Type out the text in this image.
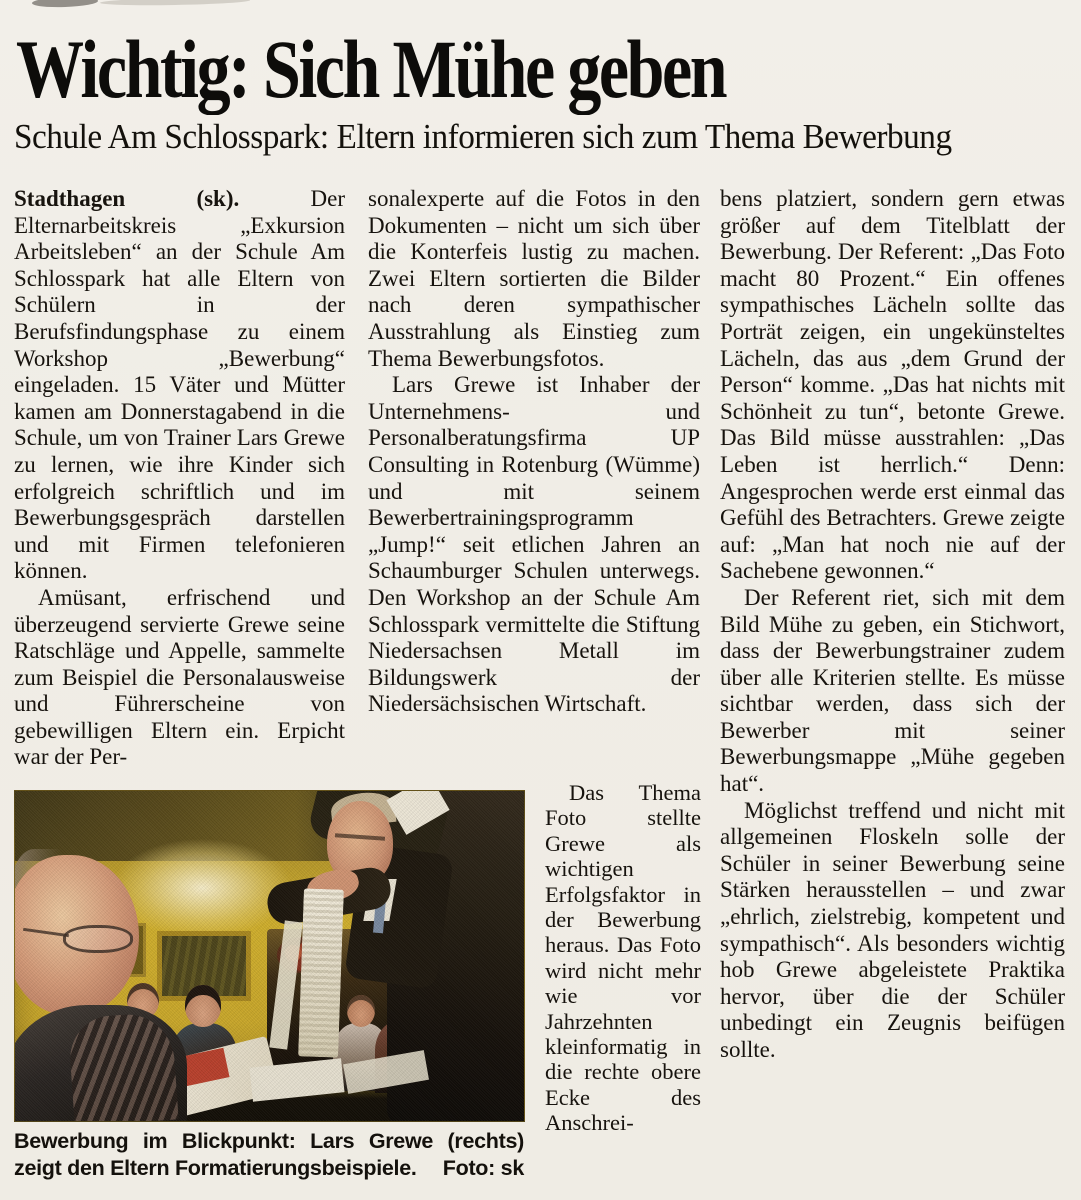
Wichtig: Sich Mühe geben
Schule Am Schlosspark: Eltern informieren sich zum Thema Bewerbung

Stadthagen (sk).	Der Elternarbeitskreis „Exkursion Arbeitsleben“ an der Schule Am Schlosspark hat alle Eltern von Schülern in der Berufsfindungsphase zu einem Workshop „Bewerbung“ eingeladen. 15 Väter und Mütter kamen am Donnerstagabend in die Schule, um von Trainer Lars Grewe zu lernen, wie ihre Kinder sich erfolgreich schriftlich und im Bewerbungsgespräch darstellen und mit Firmen telefonieren können.

Amüsant, erfrischend und überzeugend servierte Grewe seine Ratschläge und Appelle, sammelte zum Beispiel die Personalausweise und Führerscheine von gebewilligen Eltern ein. Erpicht war der Per-

sonalexperte auf die Fotos in den Dokumenten – nicht um sich über die Konterfeis lustig zu machen. Zwei Eltern sortierten die Bilder nach deren sympathischer Ausstrahlung als Einstieg zum Thema Bewerbungsfotos.

Lars Grewe ist Inhaber der Unternehmens- und Personalberatungsfirma UP Consulting in Rotenburg (Wümme) und mit seinem Bewerbertrainingsprogramm „Jump!“ seit etlichen Jahren an Schaumburger Schulen unterwegs. Den Workshop an der Schule Am Schlosspark vermittelte die Stiftung Niedersachsen Metall im Bildungswerk der Niedersächsischen Wirtschaft.

Das Thema Foto stellte Grewe als wichtigen Erfolgsfaktor in der Bewerbung heraus. Das Foto wird nicht mehr wie vor Jahrzehnten kleinformatig in die rechte obere Ecke des Anschrei-

bens platziert, sondern gern etwas größer auf dem Titelblatt der Bewerbung. Der Referent: „Das Foto macht 80 Prozent.“ Ein offenes sympathisches Lächeln sollte das Porträt zeigen, ein ungekünsteltes Lächeln, das aus „dem Grund der Person“ komme. „Das hat nichts mit Schönheit zu tun“, betonte Grewe. Das Bild müsse ausstrahlen: „Das Leben ist herrlich.“ Denn: Angesprochen werde erst einmal das Gefühl des Betrachters. Grewe zeigte auf: „Man hat noch nie auf der Sachebene gewonnen.“

Der Referent riet, sich mit dem Bild Mühe zu geben, ein Stichwort, dass der Bewerbungstrainer zudem über alle Kriterien stellte. Es müsse sichtbar werden, dass sich der Bewerber mit seiner Bewerbungsmappe „Mühe gegeben hat“.

Möglichst treffend und nicht mit allgemeinen Floskeln solle der Schüler in seiner Bewerbung seine Stärken herausstellen – und zwar „ehrlich, zielstrebig, kompetent und sympathisch“. Als besonders wichtig hob Grewe abgeleistete Praktika hervor, über die der Schüler unbedingt ein Zeugnis beifügen sollte.

Bewerbung im Blickpunkt: Lars Grewe (rechts) zeigt den Eltern Formatierungsbeispiele. Foto: sk
